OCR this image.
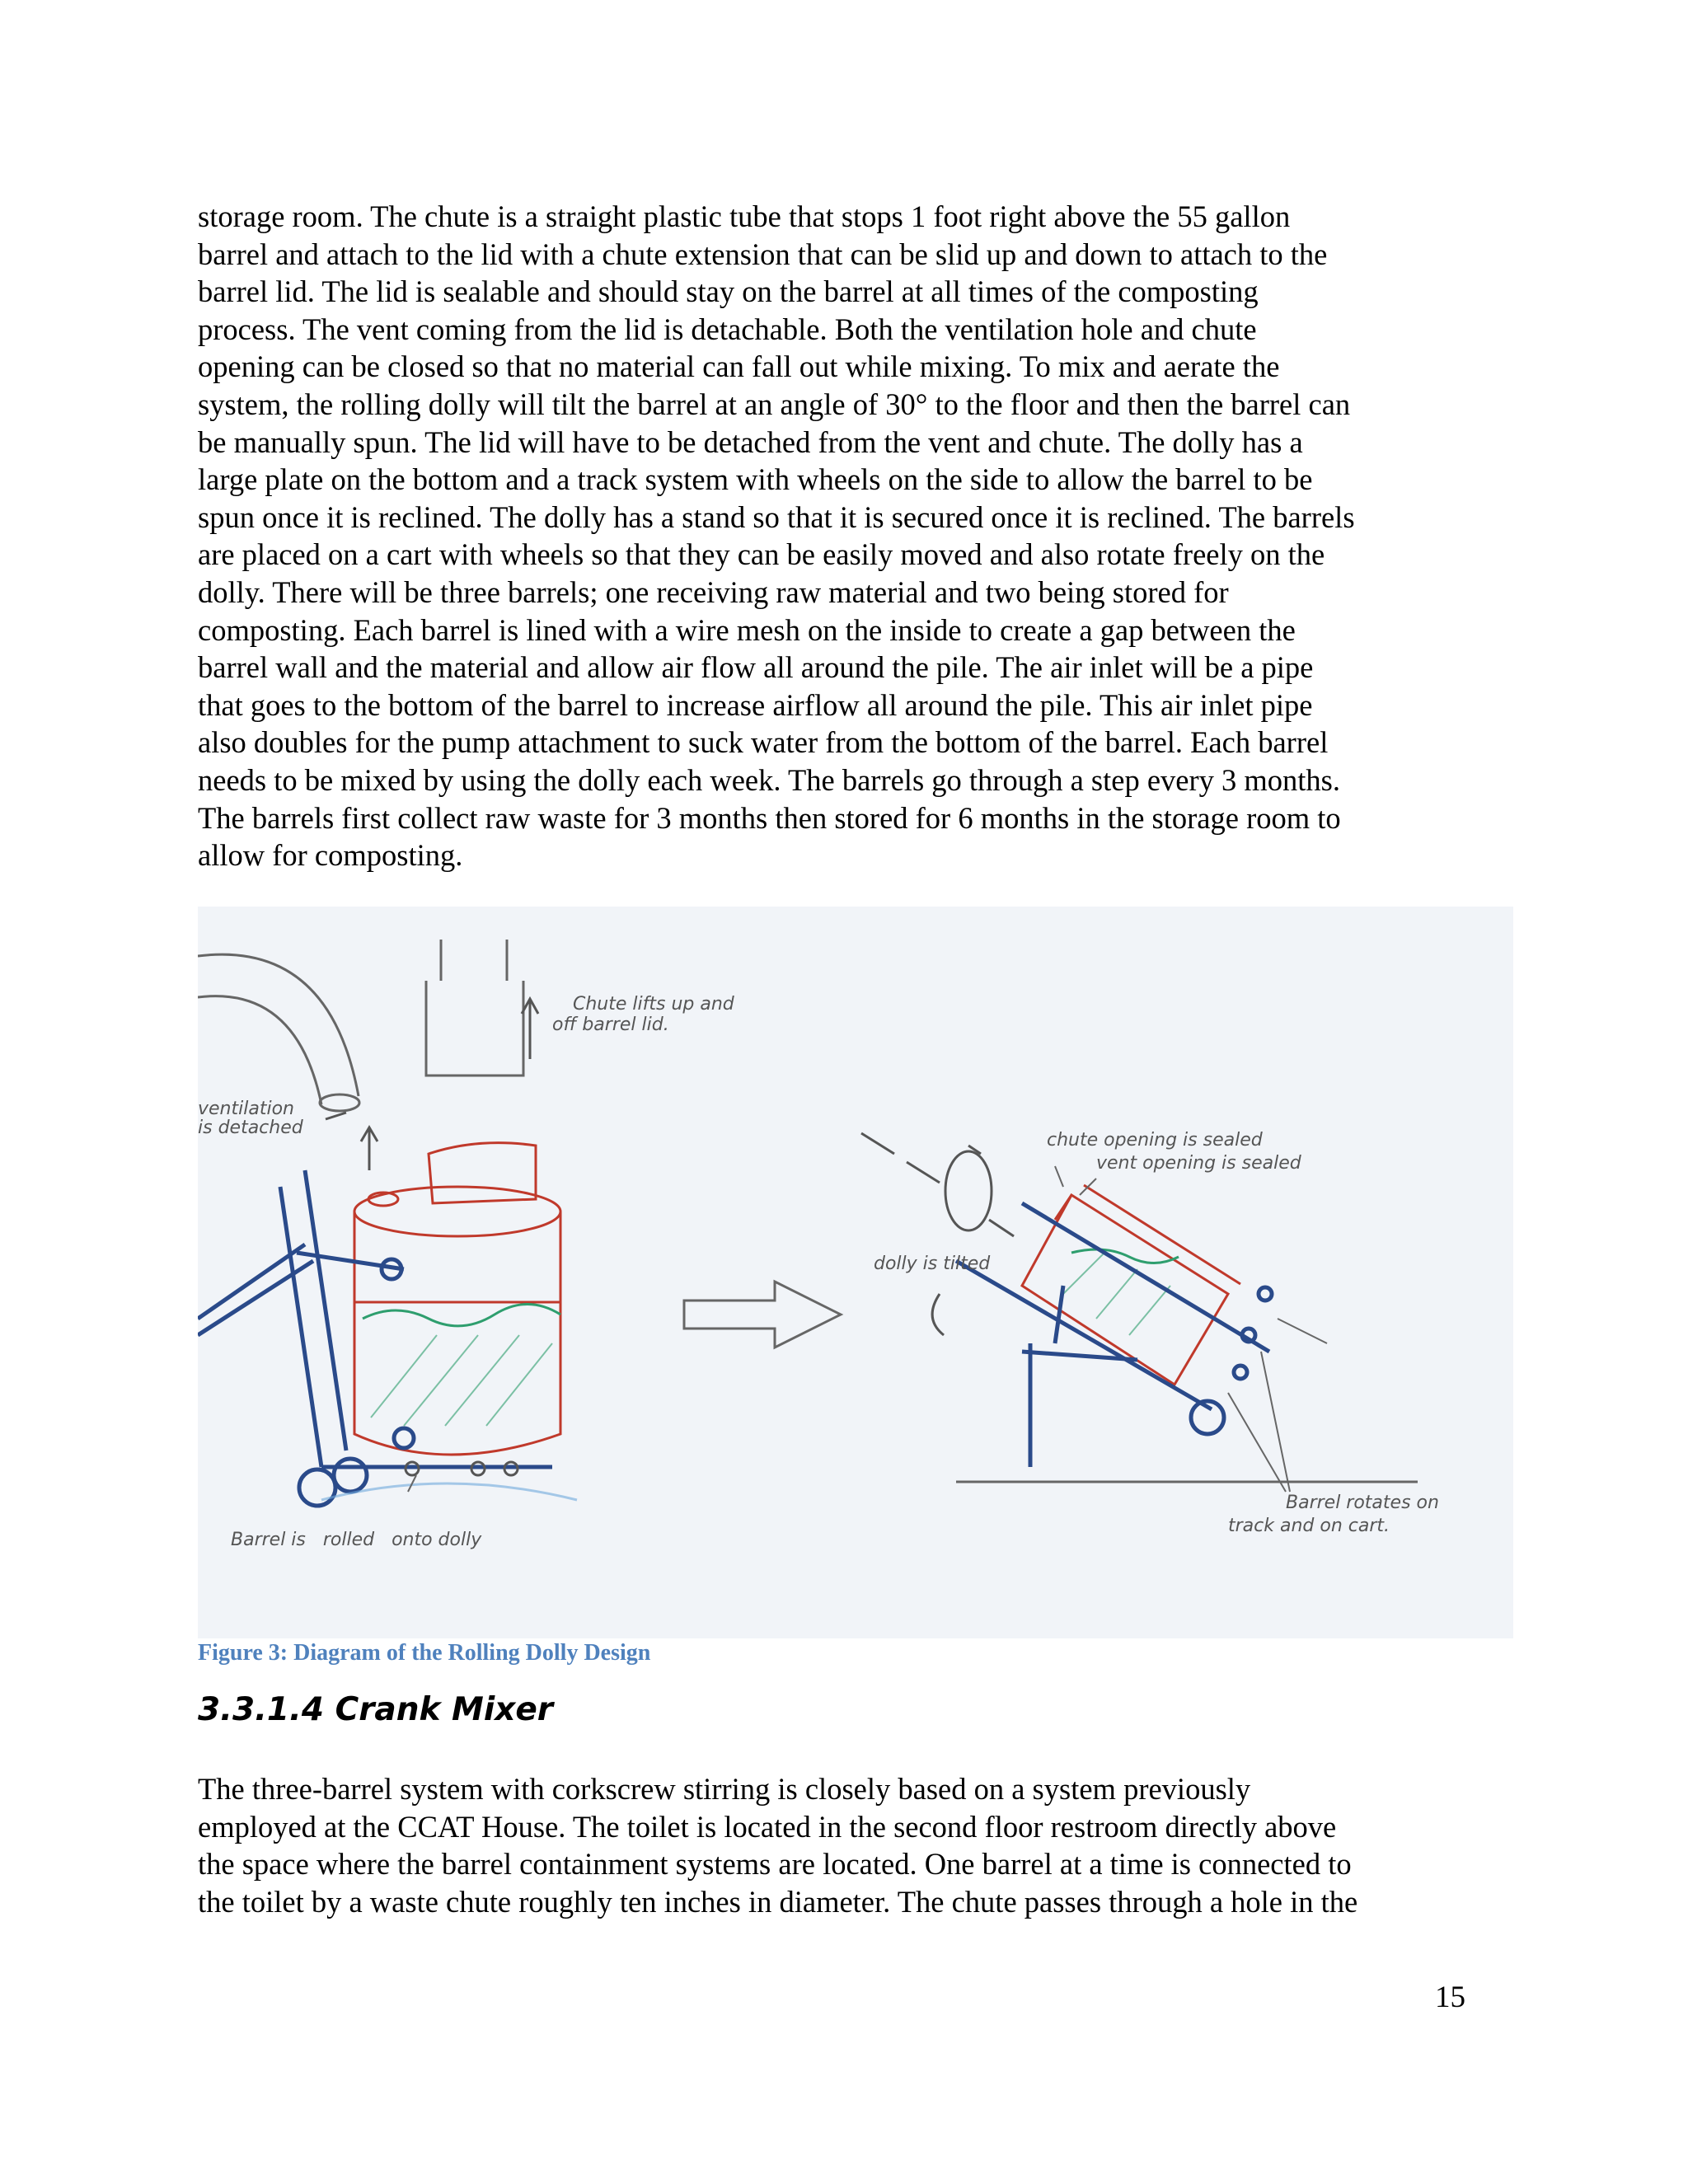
storage room. The chute is a straight plastic tube that stops 1 foot right above the 55 gallon
barrel and attach to the lid with a chute extension that can be slid up and down to attach to the
barrel lid. The lid is sealable and should stay on the barrel at all times of the composting
process. The vent coming from the lid is detachable. Both the ventilation hole and chute
opening can be closed so that no material can fall out while mixing. To mix and aerate the
system, the rolling dolly will tilt the barrel at an angle of 30° to the floor and then the barrel can
be manually spun. The lid will have to be detached from the vent and chute. The dolly has a
large plate on the bottom and a track system with wheels on the side to allow the barrel to be
spun once it is reclined. The dolly has a stand so that it is secured once it is reclined. The barrels
are placed on a cart with wheels so that they can be easily moved and also rotate freely on the
dolly. There will be three barrels; one receiving raw material and two being stored for
composting. Each barrel is lined with a wire mesh on the inside to create a gap between the
barrel wall and the material and allow air flow all around the pile. The air inlet will be a pipe
that goes to the bottom of the barrel to increase airflow all around the pile. This air inlet pipe
also doubles for the pump attachment to suck water from the bottom of the barrel. Each barrel
needs to be mixed by using the dolly each week. The barrels go through a step every 3 months.
The barrels first collect raw waste for 3 months then stored for 6 months in the storage room to
allow for composting.
Chute lifts up and
off barrel lid.
ventilation
is detached
chute opening is sealed
vent opening is sealed
dolly is tilted
Barrel is   rolled   onto dolly
Barrel rotates on
track and on cart.
Figure 3: Diagram of the Rolling Dolly Design
3.3.1.4 Crank Mixer
The three-barrel system with corkscrew stirring is closely based on a system previously
employed at the CCAT House. The toilet is located in the second floor restroom directly above
the space where the barrel containment systems are located. One barrel at a time is connected to
the toilet by a waste chute roughly ten inches in diameter. The chute passes through a hole in the
15
